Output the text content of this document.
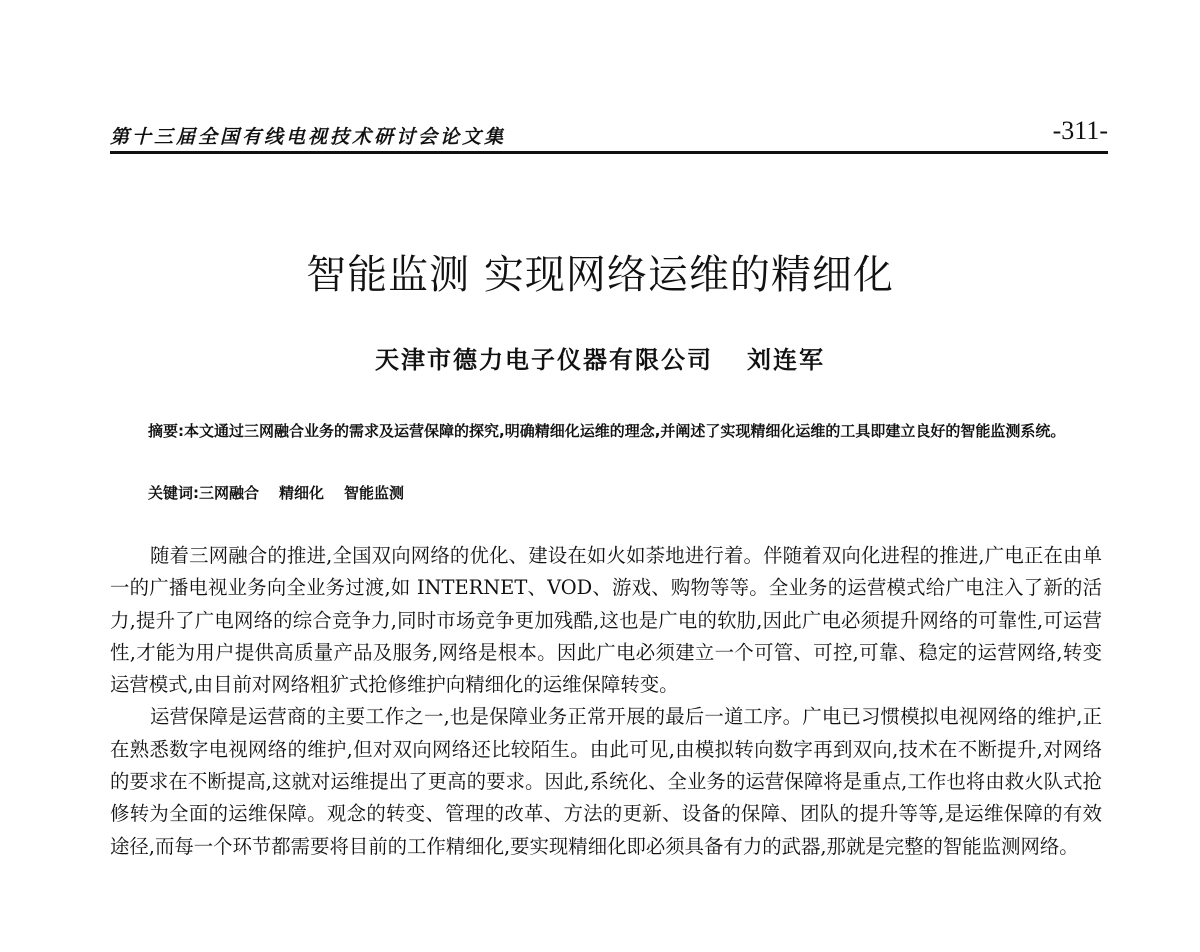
第十三届全国有线电视技术研讨会论文集	-311-
智能监测 实现网络运维的精细化
天津市德力电子仪器有限公司 刘连军
摘要:本文通过三网融合业务的需求及运营保障的探究,明确精细化运维的理念,并阐述了实现精细化运维的工具即建立良好的智能监测系统。
关键词:三网融合 精细化 智能监测

随着三网融合的推进,全国双向网络的优化、建设在如火如荼地进行着。伴随着双向化进程的推进,广电正在由单一的广播电视业务向全业务过渡,如 INTERNET、VOD、游戏、购物等等。全业务的运营模式给广电注入了新的活力,提升了广电网络的综合竞争力,同时市场竞争更加残酷,这也是广电的软肋,因此广电必须提升网络的可靠性,可运营性,才能为用户提供高质量产品及服务,网络是根本。因此广电必须建立一个可管、可控,可靠、稳定的运营网络,转变运营模式,由目前对网络粗犷式抢修维护向精细化的运维保障转变。

运营保障是运营商的主要工作之一,也是保障业务正常开展的最后一道工序。广电已习惯模拟电视网络的维护,正在熟悉数字电视网络的维护,但对双向网络还比较陌生。由此可见,由模拟转向数字再到双向,技术在不断提升,对网络的要求在不断提高,这就对运维提出了更高的要求。因此,系统化、全业务的运营保障将是重点,工作也将由救火队式抢修转为全面的运维保障。观念的转变、管理的改革、方法的更新、设备的保障、团队的提升等等,是运维保障的有效途径,而每一个环节都需要将目前的工作精细化,要实现精细化即必须具备有力的武器,那就是完整的智能监测网络。
